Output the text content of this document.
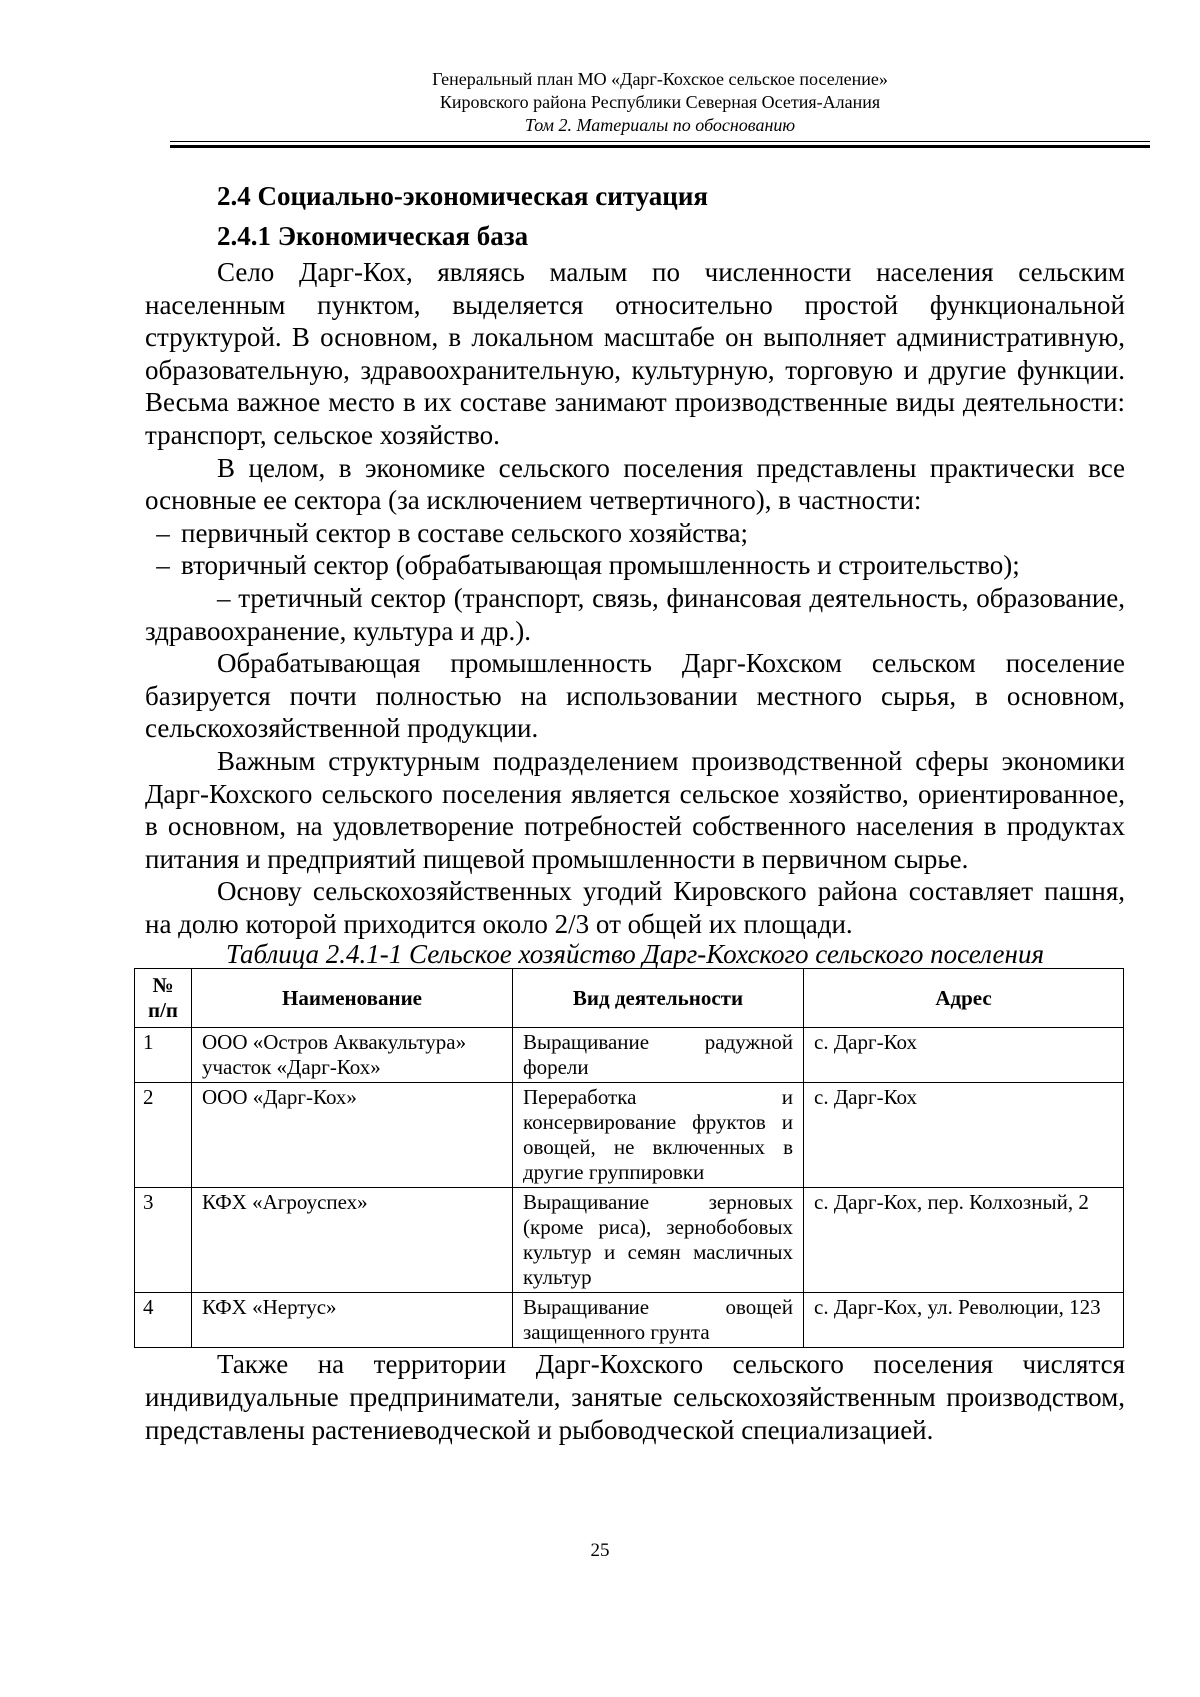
Генеральный план МО «Дарг-Кохское сельское поселение»
Кировского района Республики Северная Осетия-Алания
Том 2. Материалы по обоснованию
2.4 Социально-экономическая ситуация
2.4.1 Экономическая база

Село Дарг-Кох, являясь малым по численности населения сельским населенным пунктом, выделяется относительно простой функциональной структурой. В основном, в локальном масштабе он выполняет административную, образовательную, здравоохранительную, культурную, торговую и другие функции. Весьма важное место в их составе занимают производственные виды деятельности: транспорт, сельское хозяйство.

В целом, в экономике сельского поселения представлены практически все основные ее сектора (за исключением четвертичного), в частности:

– первичный сектор в составе сельского хозяйства;
– вторичный сектор (обрабатывающая промышленность и строительство);
– третичный сектор (транспорт, связь, финансовая деятельность, образование, здравоохранение, культура и др.).

Обрабатывающая промышленность Дарг-Кохском сельском поселение базируется почти полностью на использовании местного сырья, в основном, сельскохозяйственной продукции.

Важным структурным подразделением производственной сферы экономики Дарг-Кохского сельского поселения является сельское хозяйство, ориентированное, в основном, на удовлетворение потребностей собственного населения в продуктах питания и предприятий пищевой промышленности в первичном сырье.

Основу сельскохозяйственных угодий Кировского района составляет пашня, на долю которой приходится около 2/3 от общей их площади.

Таблица 2.4.1-1 Сельское хозяйство Дарг-Кохского сельского поселения
№ п/п	Наименование	Вид деятельности	Адрес
1	ООО «Остров Аквакультура» участок «Дарг-Кох»	Выращивание радужной форели	с. Дарг-Кох
2	ООО «Дарг-Кох»	Переработка и консервирование фруктов и овощей, не включенных в другие группировки	с. Дарг-Кох
3	КФХ «Агроуспех»	Выращивание зерновых (кроме риса), зернобобовых культур и семян масличных культур	с. Дарг-Кох, пер. Колхозный, 2
4	КФХ «Нертус»	Выращивание овощей защищенного грунта	с. Дарг-Кох, ул. Революции, 123

Также на территории Дарг-Кохского сельского поселения числятся индивидуальные предприниматели, занятые сельскохозяйственным производством, представлены растениеводческой и рыбоводческой специализацией.

25
